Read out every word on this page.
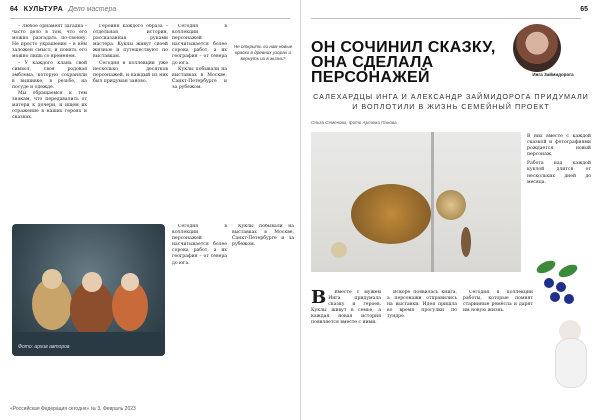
64 КУЛЬТУРА Дело мастера

– Любое орнамент загадка – часто дело в том, что его можно разгадать по-своему. Не просто украшение – в нём заложен смысл, и понять его можно лишь со временем.

– У каждого клана свой символ, своя родовая эмблема, которую сохраняли в вышивке, в резьбе, на посуде и одежде.

Мы обращаемся к тем знакам, что передавались от матери к дочери, и ищем их отражение в наших героях и сказках.

Героиня каждого образа – отдельная история, рассказанная руками мастера. Куклы живут своей жизнью и путешествуют по выставкам.

Сегодня в коллекции уже несколько десятков персонажей, и каждый из них был придуман заново.

Сегодня в коллекции персонажей насчитывается более сорока работ, а их география – от севера до юга.

Куклы побывали на выставках в Москве, Санкт-Петербурге и за рубежом.

Не открыть ли нам новые краски в древних узорах и вернуть их в жизнь?
Фото: архив авторов

Сегодня в коллекции персонажей насчитывается более сорока работ, а их география – от севера до юга.

Куклы побывали на выставках в Москве, Санкт-Петербурге и за рубежом.

«Российская Федерация сегодня» № 3, Февраль 2023
65
ОН СОЧИНИЛ СКАЗКУ,
ОНА СДЕЛАЛА ПЕРСОНАЖЕЙ	Инга Займидорога
САЛЕХАРДЦЫ ИНГА И АЛЕКСАНДР ЗАЙМИДОРОГА ПРИДУМАЛИ И ВОПЛОТИЛИ В ЖИЗНЬ СЕМЕЙНЫЙ ПРОЕКТ
Ольга Семенова, фото Артема Панова

В них вместе с каждой сказкой и фотографиями рождается новый персонаж.

Работа над каждой куклой длится от нескольких дней до месяца.

В	Вместе с мужем Инга придумала сказку и героев. Куклы живут в семье, а каждая новая история появляется вместе с ними.

Вскоре появилась книга, а персонажи отправились на выставки. Идея пришла во время прогулки по тундре.

Сегодня в коллекции работы, которые помнят старинные ремёсла и дарят им новую жизнь.
